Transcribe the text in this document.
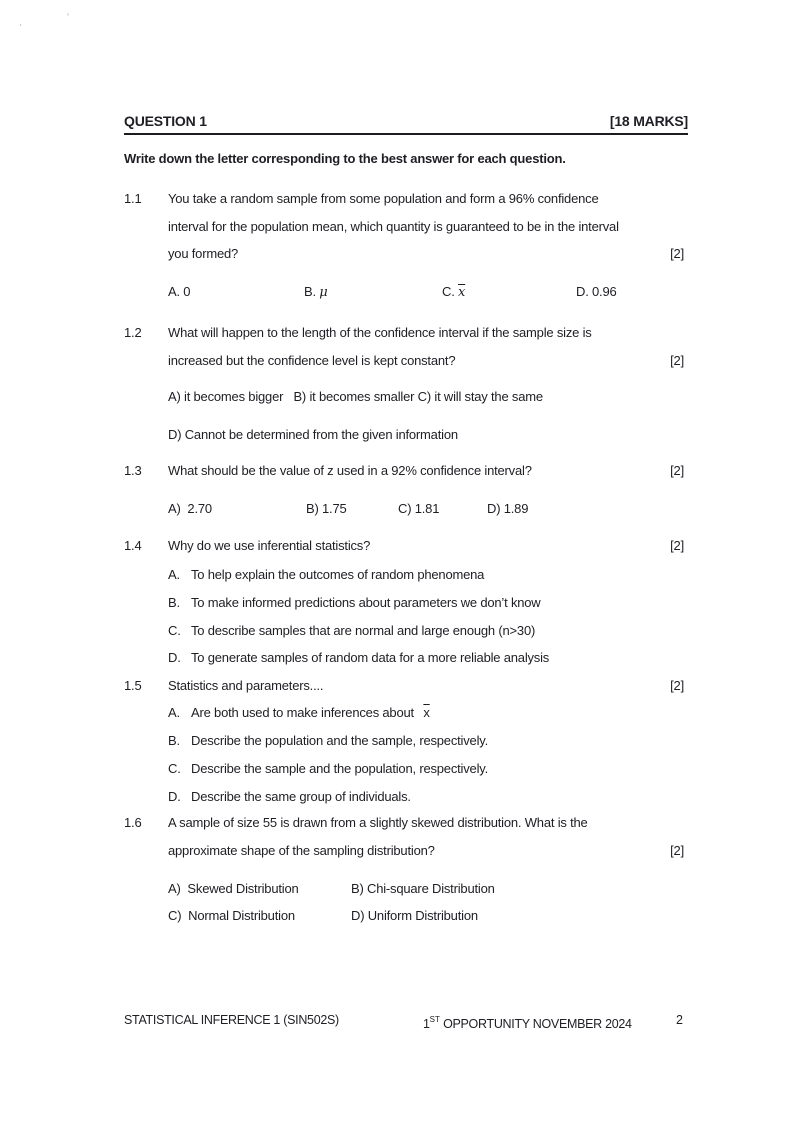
’
ʹ
QUESTION 1	[18 MARKS]
Write down the letter corresponding to the best answer for each question.
1.1 You take a random sample from some population and form a 96% confidence
interval for the population mean, which quantity is guaranteed to be in the interval
you formed?	[2]
A. 0	B. μ	C. $\overline{x}$	D. 0.96
1.2 What will happen to the length of the confidence interval if the sample size is
increased but the confidence level is kept constant?	[2]
A) it becomes bigger   B) it becomes smaller C) it will stay the same
D) Cannot be determined from the given information
1.3 What should be the value of z used in a 92% confidence interval?	[2]
A)  2.70	B) 1.75	C) 1.81	D) 1.89
1.4 Why do we use inferential statistics?	[2]
A. To help explain the outcomes of random phenomena
B. To make informed predictions about parameters we don’t know
C. To describe samples that are normal and large enough (n>30)
D. To generate samples of random data for a more reliable analysis
1.5 Statistics and parameters....	[2]
A. Are both used to make inferences about $\overline{x}$
B. Describe the population and the sample, respectively.
C. Describe the sample and the population, respectively.
D. Describe the same group of individuals.
1.6 A sample of size 55 is drawn from a slightly skewed distribution. What is the
approximate shape of the sampling distribution?	[2]
A)  Skewed Distribution	B) Chi-square Distribution
C)  Normal Distribution	D) Uniform Distribution
STATISTICAL INFERENCE 1 (SIN502S)	1ST OPPORTUNITY NOVEMBER 2024	2
